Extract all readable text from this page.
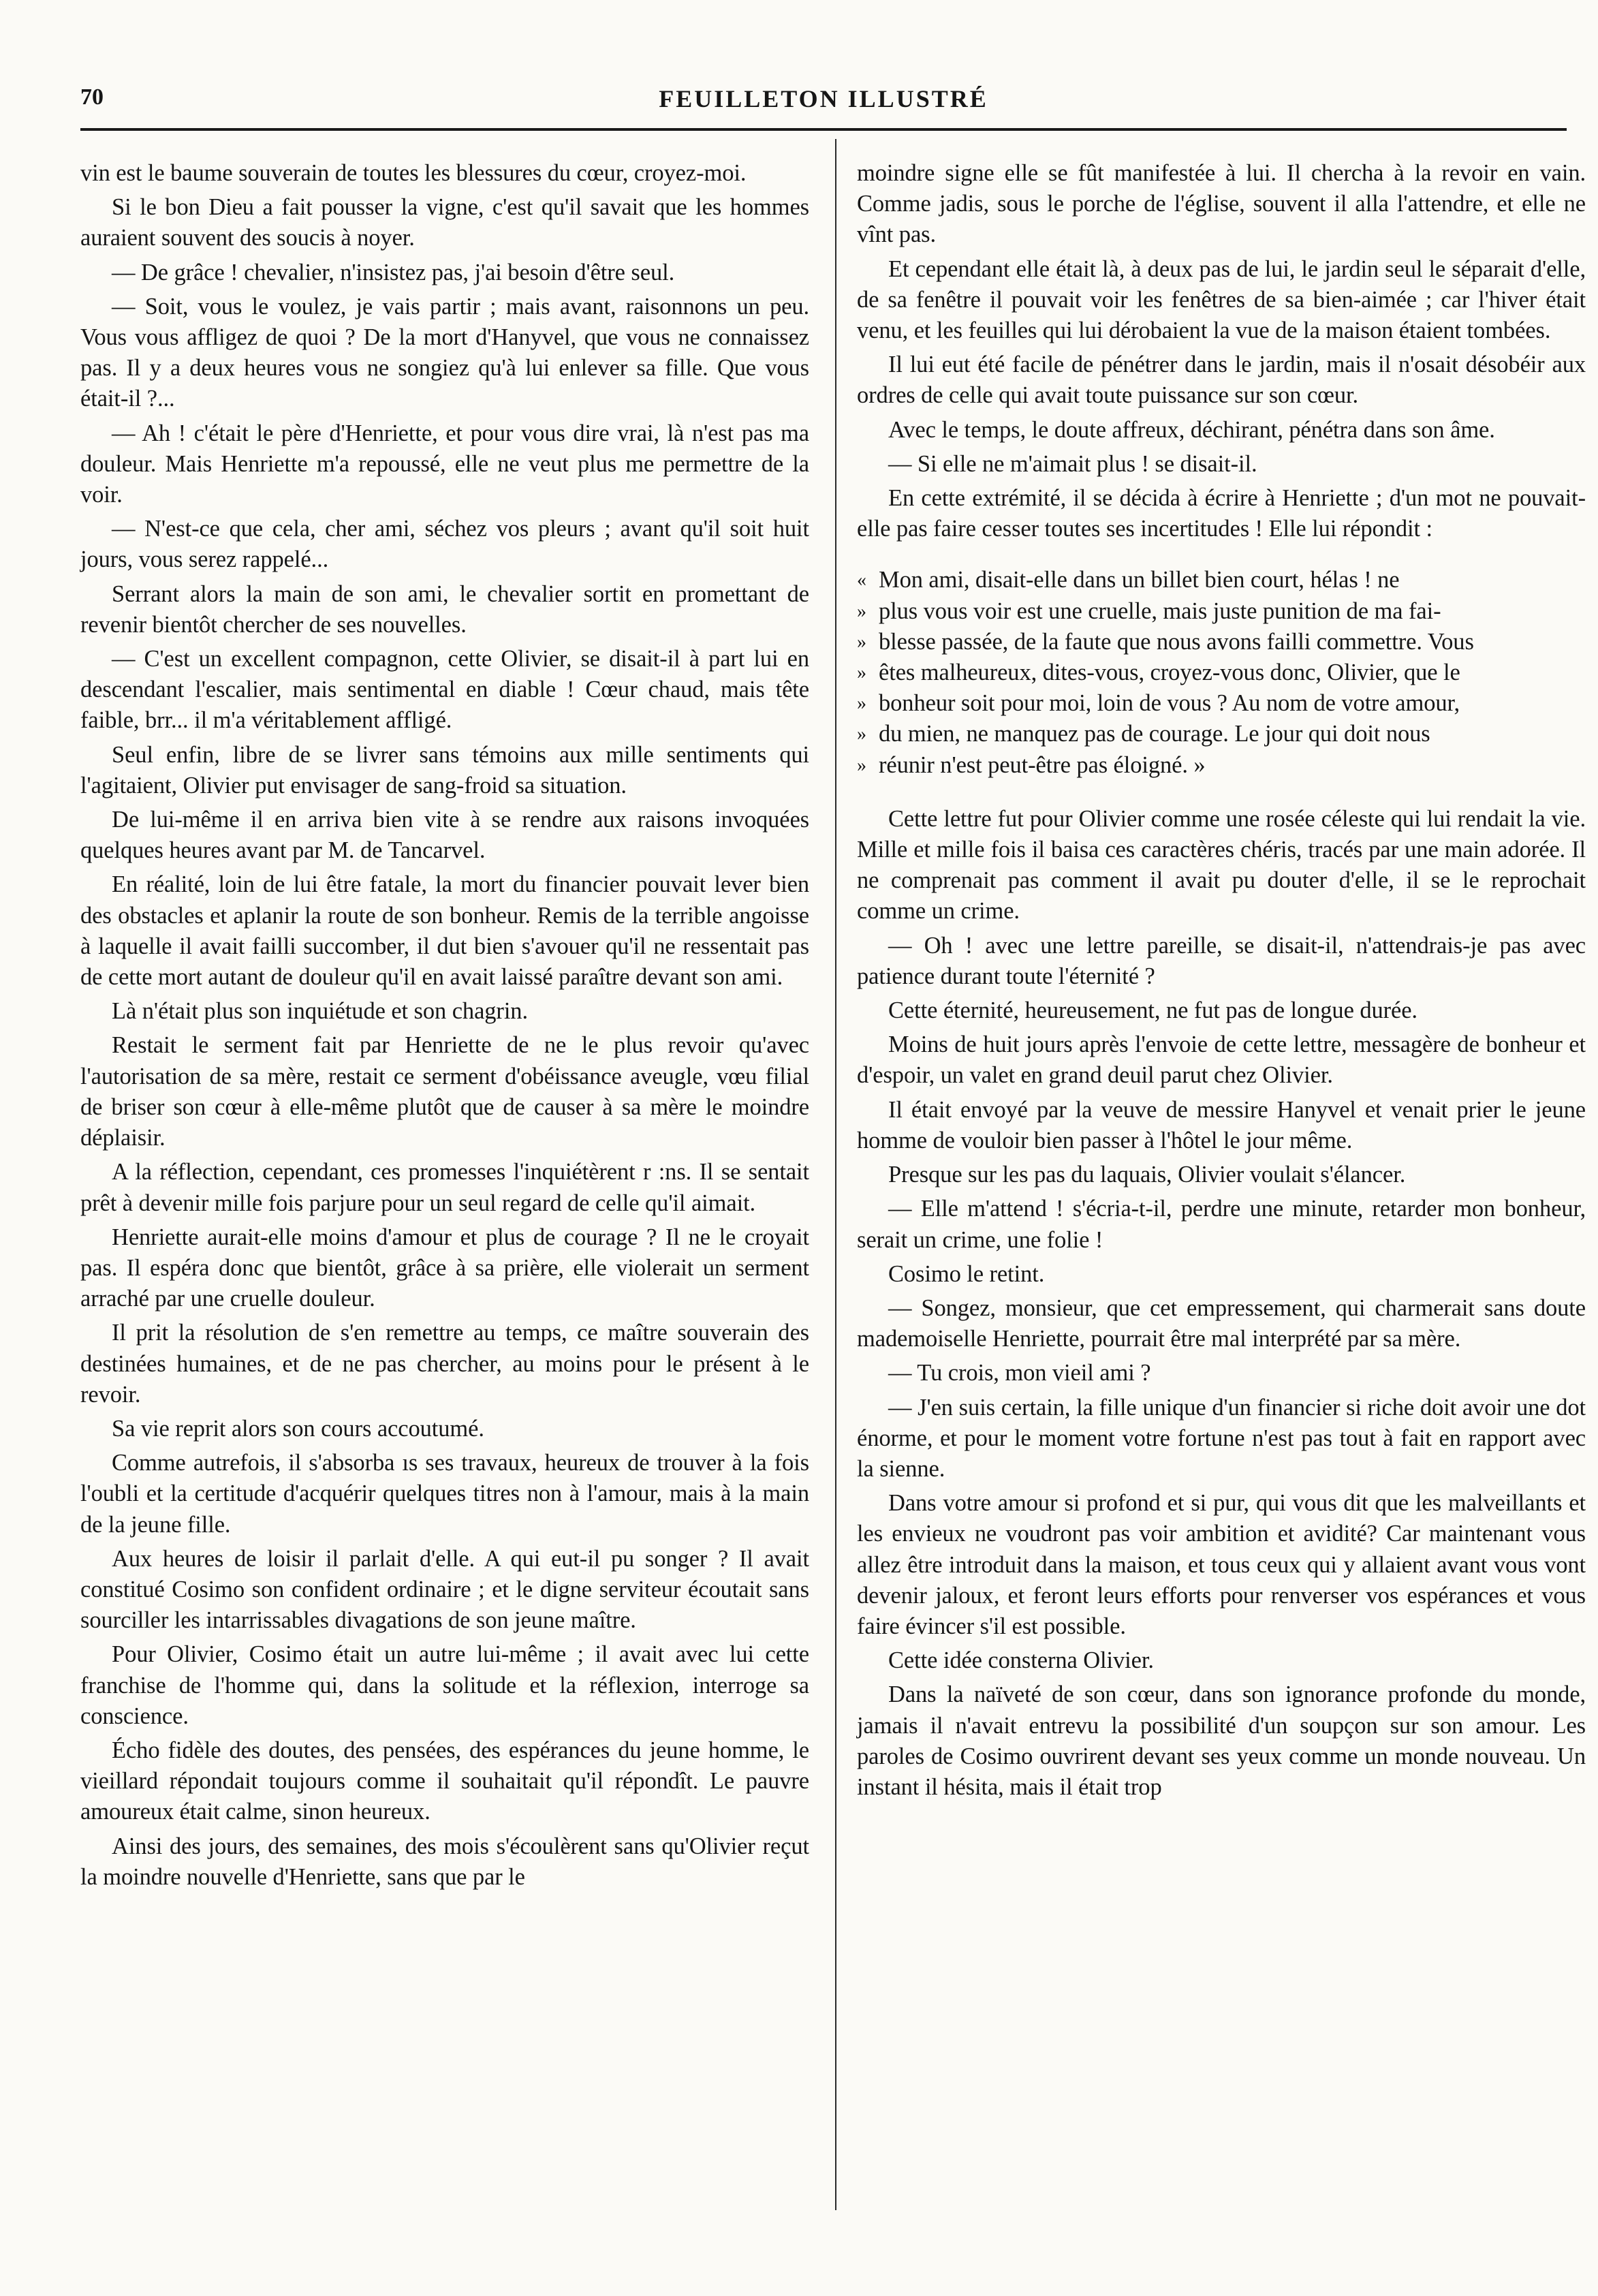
70	FEUILLETON ILLUSTRÉ

vin est le baume souverain de toutes les blessures du cœur, croyez-moi.

Si le bon Dieu a fait pousser la vigne, c'est qu'il savait que les hommes auraient souvent des soucis à noyer.

— De grâce ! chevalier, n'insistez pas, j'ai besoin d'être seul.

— Soit, vous le voulez, je vais partir ; mais avant, raisonnons un peu. Vous vous affligez de quoi ? De la mort d'Hanyvel, que vous ne connaissez pas. Il y a deux heures vous ne songiez qu'à lui enlever sa fille. Que vous était-il ?...

— Ah ! c'était le père d'Henriette, et pour vous dire vrai, là n'est pas ma douleur. Mais Henriette m'a repoussé, elle ne veut plus me permettre de la voir.

— N'est-ce que cela, cher ami, séchez vos pleurs ; avant qu'il soit huit jours, vous serez rappelé...

Serrant alors la main de son ami, le chevalier sortit en promettant de revenir bientôt chercher de ses nouvelles.

— C'est un excellent compagnon, cette Olivier, se disait-il à part lui en descendant l'escalier, mais sentimental en diable ! Cœur chaud, mais tête faible, brr... il m'a véritablement affligé.

Seul enfin, libre de se livrer sans témoins aux mille sentiments qui l'agitaient, Olivier put envisager de sang-froid sa situation.

De lui-même il en arriva bien vite à se rendre aux raisons invoquées quelques heures avant par M. de Tancarvel.

En réalité, loin de lui être fatale, la mort du financier pouvait lever bien des obstacles et aplanir la route de son bonheur. Remis de la terrible angoisse à laquelle il avait failli succomber, il dut bien s'avouer qu'il ne ressentait pas de cette mort autant de douleur qu'il en avait laissé paraître devant son ami.

Là n'était plus son inquiétude et son chagrin.

Restait le serment fait par Henriette de ne le plus revoir qu'avec l'autorisation de sa mère, restait ce serment d'obéissance aveugle, vœu filial de briser son cœur à elle-même plutôt que de causer à sa mère le moindre déplaisir.

A la réflection, cependant, ces promesses l'inquiétèrent r :ns. Il se sentait prêt à devenir mille fois parjure pour un seul regard de celle qu'il aimait.

Henriette aurait-elle moins d'amour et plus de courage ? Il ne le croyait pas. Il espéra donc que bientôt, grâce à sa prière, elle violerait un serment arraché par une cruelle douleur.

Il prit la résolution de s'en remettre au temps, ce maître souverain des destinées humaines, et de ne pas chercher, au moins pour le présent à le revoir.

Sa vie reprit alors son cours accoutumé.

Comme autrefois, il s'absorba ıs ses travaux, heureux de trouver à la fois l'oubli et la certitude d'acquérir quelques titres non à l'amour, mais à la main de la jeune fille.

Aux heures de loisir il parlait d'elle. A qui eut-il pu songer ? Il avait constitué Cosimo son confident ordinaire ; et le digne serviteur écoutait sans sourciller les intarrissables divagations de son jeune maître.

Pour Olivier, Cosimo était un autre lui-même ; il avait avec lui cette franchise de l'homme qui, dans la solitude et la réflexion, interroge sa conscience.

Écho fidèle des doutes, des pensées, des espérances du jeune homme, le vieillard répondait toujours comme il souhaitait qu'il répondît. Le pauvre amoureux était calme, sinon heureux.

Ainsi des jours, des semaines, des mois s'écoulèrent sans qu'Olivier reçut la moindre nouvelle d'Henriette, sans que par le

moindre signe elle se fût manifestée à lui. Il chercha à la revoir en vain. Comme jadis, sous le porche de l'église, souvent il alla l'attendre, et elle ne vînt pas.

Et cependant elle était là, à deux pas de lui, le jardin seul le séparait d'elle, de sa fenêtre il pouvait voir les fenêtres de sa bien-aimée ; car l'hiver était venu, et les feuilles qui lui dérobaient la vue de la maison étaient tombées.

Il lui eut été facile de pénétrer dans le jardin, mais il n'osait désobéir aux ordres de celle qui avait toute puissance sur son cœur.

Avec le temps, le doute affreux, déchirant, pénétra dans son âme.

— Si elle ne m'aimait plus ! se disait-il.

En cette extrémité, il se décida à écrire à Henriette ; d'un mot ne pouvait-elle pas faire cesser toutes ses incertitudes ! Elle lui répondit :

« Mon ami, disait-elle dans un billet bien court, hélas ! ne

» plus vous voir est une cruelle, mais juste punition de ma fai-

» blesse passée, de la faute que nous avons failli commettre. Vous

» êtes malheureux, dites-vous, croyez-vous donc, Olivier, que le

» bonheur soit pour moi, loin de vous ? Au nom de votre amour,

» du mien, ne manquez pas de courage. Le jour qui doit nous

» réunir n'est peut-être pas éloigné. »

Cette lettre fut pour Olivier comme une rosée céleste qui lui rendait la vie. Mille et mille fois il baisa ces caractères chéris, tracés par une main adorée. Il ne comprenait pas comment il avait pu douter d'elle, il se le reprochait comme un crime.

— Oh ! avec une lettre pareille, se disait-il, n'attendrais-je pas avec patience durant toute l'éternité ?

Cette éternité, heureusement, ne fut pas de longue durée.

Moins de huit jours après l'envoie de cette lettre, messagère de bonheur et d'espoir, un valet en grand deuil parut chez Olivier.

Il était envoyé par la veuve de messire Hanyvel et venait prier le jeune homme de vouloir bien passer à l'hôtel le jour même.

Presque sur les pas du laquais, Olivier voulait s'élancer.

— Elle m'attend ! s'écria-t-il, perdre une minute, retarder mon bonheur, serait un crime, une folie !

Cosimo le retint.

— Songez, monsieur, que cet empressement, qui charmerait sans doute mademoiselle Henriette, pourrait être mal interprété par sa mère.

— Tu crois, mon vieil ami ?

— J'en suis certain, la fille unique d'un financier si riche doit avoir une dot énorme, et pour le moment votre fortune n'est pas tout à fait en rapport avec la sienne.

Dans votre amour si profond et si pur, qui vous dit que les malveillants et les envieux ne voudront pas voir ambition et avidité? Car maintenant vous allez être introduit dans la maison, et tous ceux qui y allaient avant vous vont devenir jaloux, et feront leurs efforts pour renverser vos espérances et vous faire évincer s'il est possible.

Cette idée consterna Olivier.

Dans la naïveté de son cœur, dans son ignorance profonde du monde, jamais il n'avait entrevu la possibilité d'un soupçon sur son amour. Les paroles de Cosimo ouvrirent devant ses yeux comme un monde nouveau. Un instant il hésita, mais il était trop
